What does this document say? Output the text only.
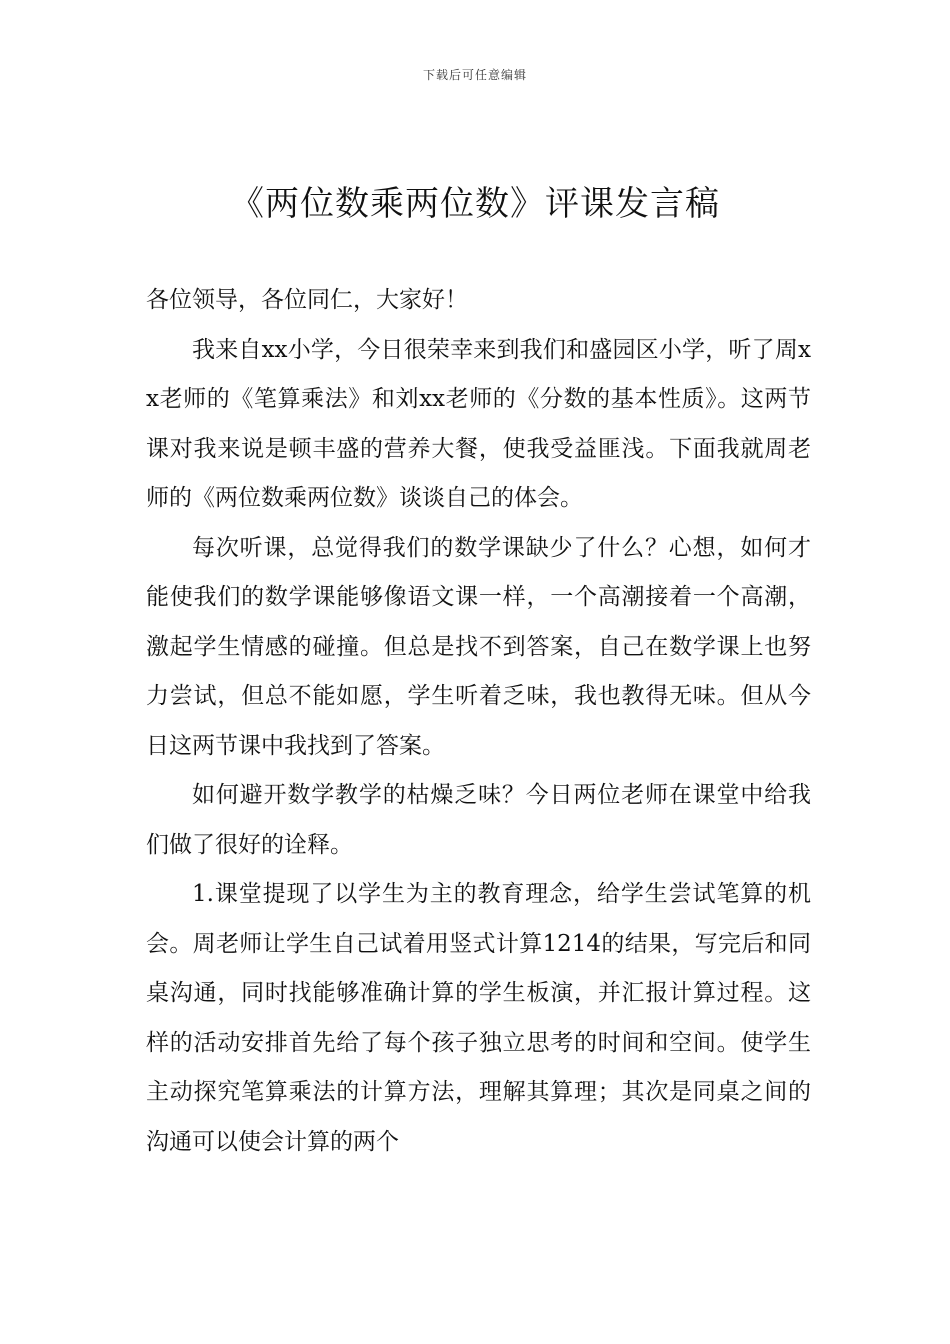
下载后可任意编辑
《两位数乘两位数》评课发言稿

各位领导，各位同仁，大家好！

我来自xx小学，今日很荣幸来到我们和盛园区小学，听了周xx老师的《笔算乘法》和刘xx老师的《分数的基本性质》。这两节课对我来说是顿丰盛的营养大餐，使我受益匪浅。下面我就周老师的《两位数乘两位数》谈谈自己的体会。

每次听课，总觉得我们的数学课缺少了什么？心想，如何才能使我们的数学课能够像语文课一样，一个高潮接着一个高潮，激起学生情感的碰撞。但总是找不到答案，自己在数学课上也努力尝试，但总不能如愿，学生听着乏味，我也教得无味。但从今日这两节课中我找到了答案。

如何避开数学教学的枯燥乏味？今日两位老师在课堂中给我们做了很好的诠释。

1.课堂提现了以学生为主的教育理念，给学生尝试笔算的机会。周老师让学生自己试着用竖式计算1214的结果，写完后和同桌沟通，同时找能够准确计算的学生板演，并汇报计算过程。这样的活动安排首先给了每个孩子独立思考的时间和空间。使学生主动探究笔算乘法的计算方法，理解其算理；其次是同桌之间的沟通可以使会计算的两个
